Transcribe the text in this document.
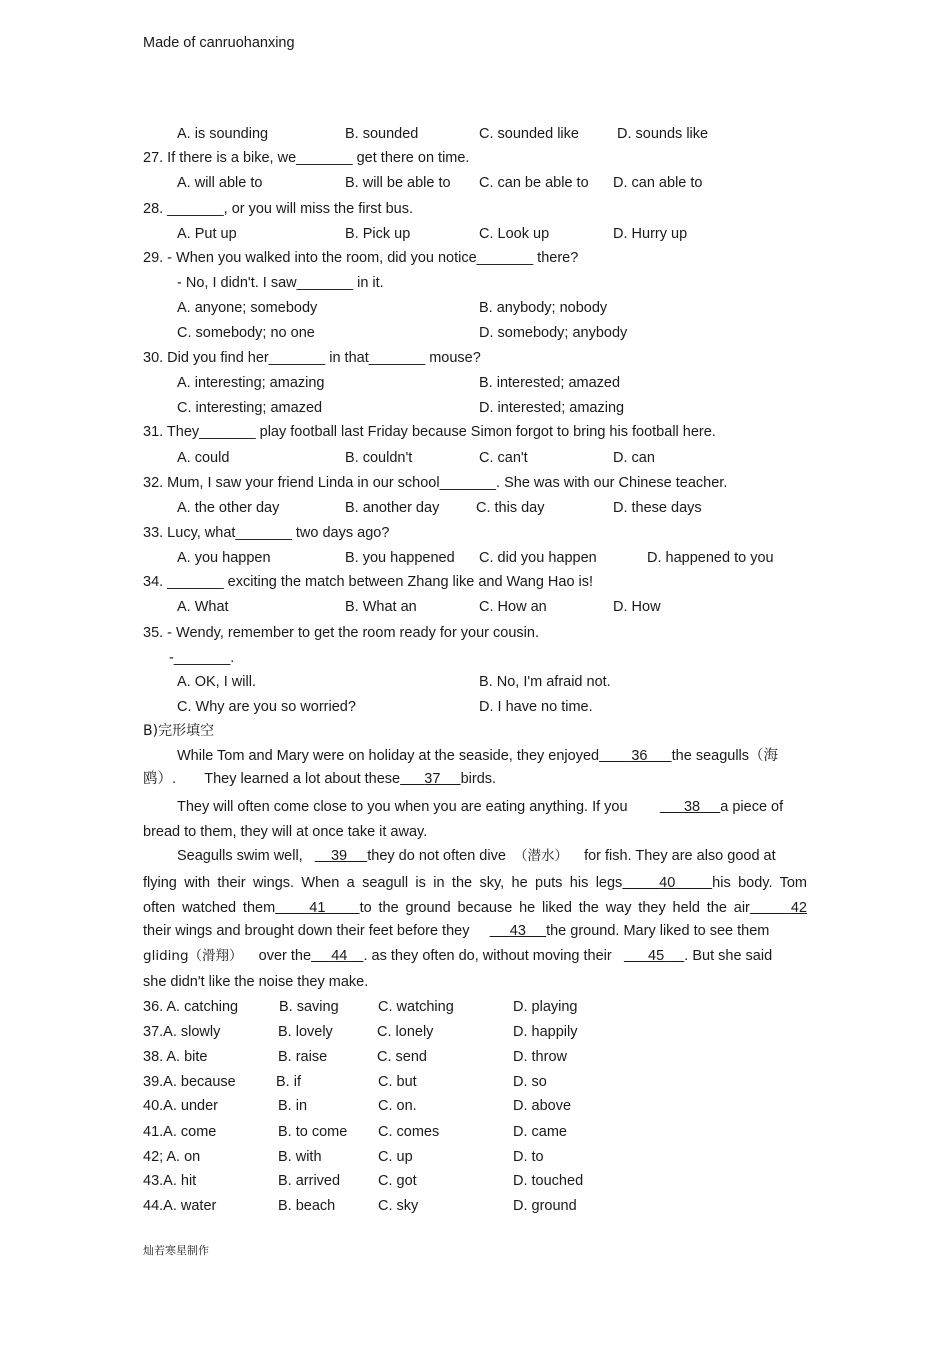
Made of canruohanxing
A. is sounding	B. sounded	C. sounded like	D. sounds like
27. If there is a bike, we_______ get there on time.
A. will able to	B. will be able to C. can be able to D. can able to
28. _______, or you will miss the first bus.
A. Put up	B. Pick up	C. Look up	D. Hurry up
29. - When you walked into the room, did you notice_______ there?
- No, I didn't. I saw_______ in it.
A. anyone; somebody	B. anybody; nobody
C. somebody; no one	D. somebody; anybody
30. Did you find her_______ in that_______ mouse?
A. interesting; amazing	B. interested; amazed
C. interesting; amazed	D. interested; amazing
31. They_______ play football last Friday because Simon forgot to bring his football here.
A. could	B. couldn't	C. can't	D. can
32. Mum, I saw your friend Linda in our school_______. She was with our Chinese teacher.
A. the other day	B. another day	C. this day	D. these days
33. Lucy, what_______ two days ago?
A. you happen	B. you happened C. did you happen	D. happened to you
34. _______ exciting the match between Zhang like and Wang Hao is!
A. What	B. What an	C. How an	D. How
35. - Wendy, remember to get the room ready for your cousin.
-_______.
A. OK, I will.	B. No, I'm afraid not.
C. Why are you so worried?	D. I have no time.
B)完形填空
While Tom and Mary were on holiday at the seaside, they enjoyed 36 the seagulls（海
鸥）. They learned a lot about these 37 birds.
They will often come close to you when you are eating anything. If you	38 a piece of
bread to them, they will at once take it away.
Seagulls swim well, 39 they do not often dive （潜水） for fish. They are also good at
flying with their wings. When a seagull is in the sky, he puts his legs	40	his body. Tom
often watched them 41 to the ground because he liked the way they held the air	42
their wings and brought down their feet before they	43 the ground. Mary liked to see them
gliding（滑翔） over the 44 . as they often do, without moving their	45 . But she said
she didn't like the noise they make.
36. A. catching	B. saving	C. watching	D. playing
37.A. slowly	B. lovely	C. lonely	D. happily
38. A. bite	B. raise	C. send	D. throw
39.A. because	B. if	C. but	D. so
40.A. under	B. in	C. on.	D. above
41.A. come	B. to come C. comes	D. came
42; A. on	B. with	C. up	D. to
43.A. hit	B. arrived	C. got	D. touched
44.A. water	B. beach	C. sky	D. ground
灿若寒星制作
